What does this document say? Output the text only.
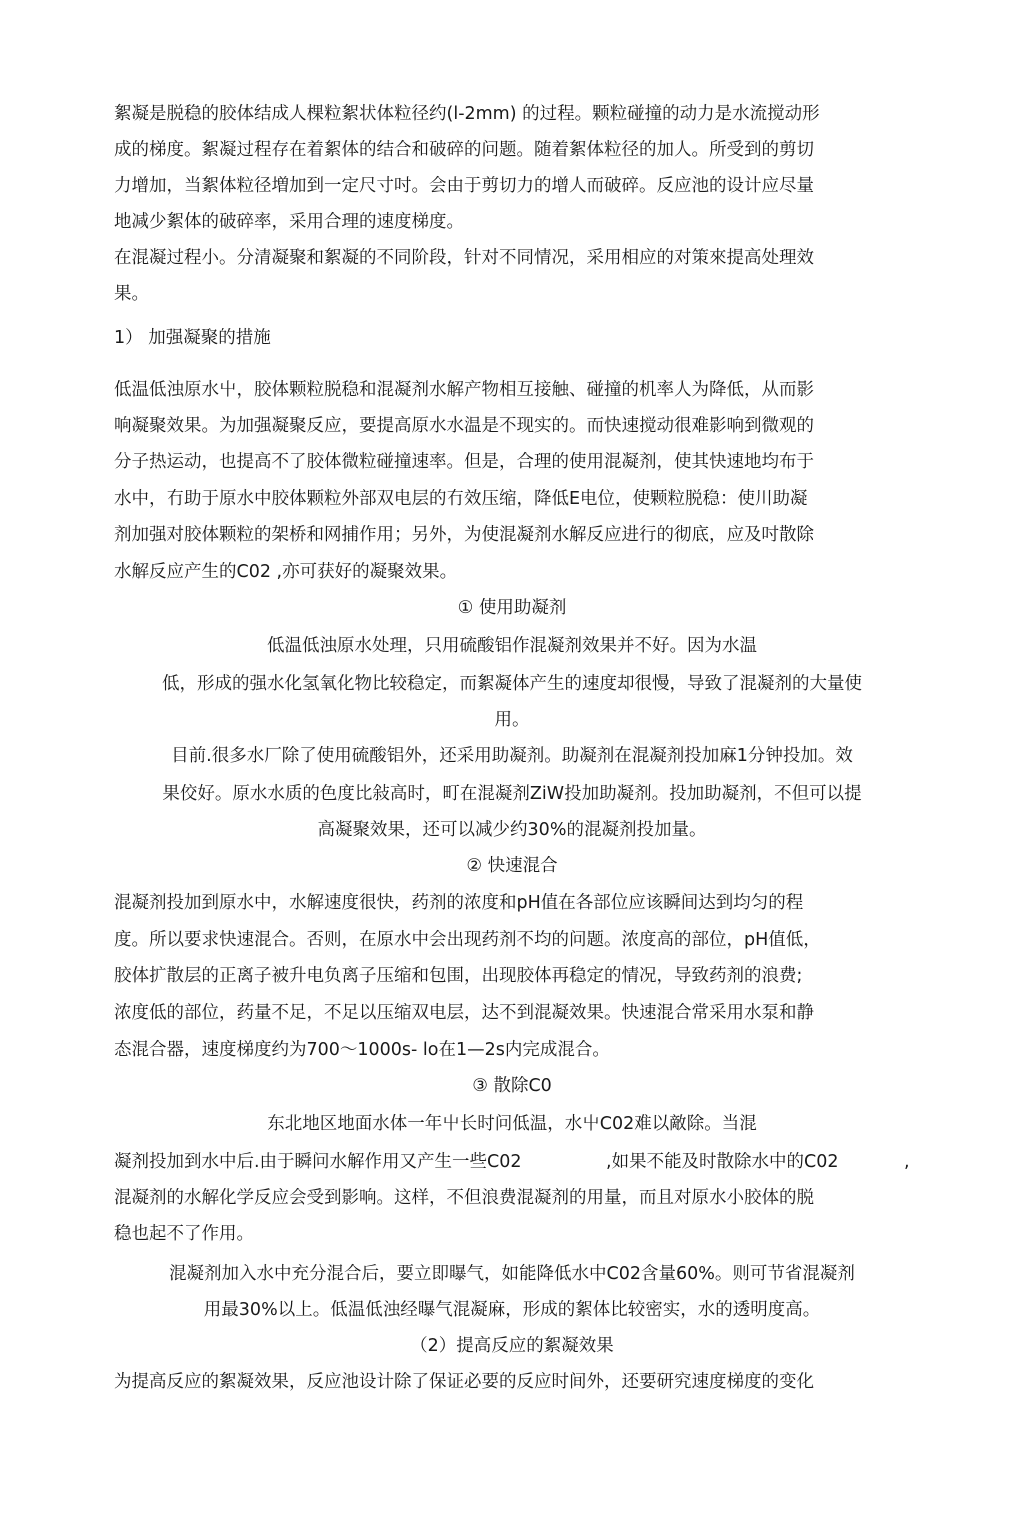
絮凝是脱稳的胶体结成人棵粒絮状体粒径约(l-2mm) 的过程。颗粒碰撞的动力是水流搅动形
成的梯度。絮凝过程存在着絮体的结合和破碎的问题。随着絮体粒径的加人。所受到的剪切
力增加，当絮体粒径増加到一定尺寸吋。会由于剪切力的增人而破碎。反应池的设计应尽量
地减少絮体的破碎率，采用合理的速度梯度。
在混凝过程小。分清凝聚和絮凝的不同阶段，针对不同情况，采用相应的对策來提高处理效
果。
1） 加强凝聚的措施
低温低浊原水屮，胶体颗粒脱稳和混凝剂水解产物相互接触、碰撞的机率人为降低，从而影
响凝聚效果。为加强凝聚反应，要提高原水水温是不现实的。而快速搅动很难影响到微观的
分子热运动，也提高不了胶体微粒碰撞速率。但是，合理的使用混凝剂，使其快速地均布于
水中，冇助于原水中胶体颗粒外部双电层的冇效压缩，降低E电位，使颗粒脱稳：使川助凝
剂加强对胶体颗粒的架桥和网捕作用；另外，为使混凝剂水解反应进行的彻底，应及吋散除
水解反应产生的C02 ,亦可获好的凝聚效果。
① 使用助凝剂
低温低浊原水处理，只用硫酸铝作混凝剂效果并不好。因为水温
低，形成的强水化氢氧化物比较稳定，而絮凝体产生的速度却很慢，导致了混凝剂的大量使
用。
目前.很多水厂除了使用硫酸铝外，还采用助凝剂。助凝剂在混凝剂投加麻1分钟投加。效
果佼好。原水水质的色度比敍高时，町在混凝剂ZiW投加助凝剂。投加助凝剂，不但可以提
高凝聚效果，还可以减少约30%的混凝剂投加量。
② 快速混合
混凝剂投加到原水中，水解速度很快，药剂的浓度和pH值在各部位应该瞬间达到均匀的程
度。所以要求快速混合。否则，在原水中会出现药剂不均的问题。浓度高的部位，pH值低，
胶体扩散层的正离子被升电负离子压缩和包围，出现胶体再稳定的情况，导致药剂的浪费;
浓度低的部位，药量不足，不足以压缩双电层，达不到混凝效果。快速混合常采用水泵和静
态混合器，速度梯度约为700～1000s- lo在1—2s内完成混合。
③ 散除C0
东北地区地面水体一年屮长时问低温，水屮C02难以敵除。当混
凝剂投加到水中后.由于瞬问水解作用又产生一些C02	,如果不能及时散除水中的C02	,
混凝剂的水解化学反应会受到影响。这样，不但浪费混凝剂的用量，而且对原水小胶体的脱
稳也起不了作用。
混凝剂加入水中充分混合后，要立即曝气，如能降低水中C02含量60%。则可节省混凝剂
用最30%以上。低温低浊经曝气混凝麻，形成的絮体比较密实，水的透明度高。
（2）提高反应的絮凝效果
为提高反应的絮凝效果，反应池设计除了保证必要的反应时间外，还要研究速度梯度的变化
